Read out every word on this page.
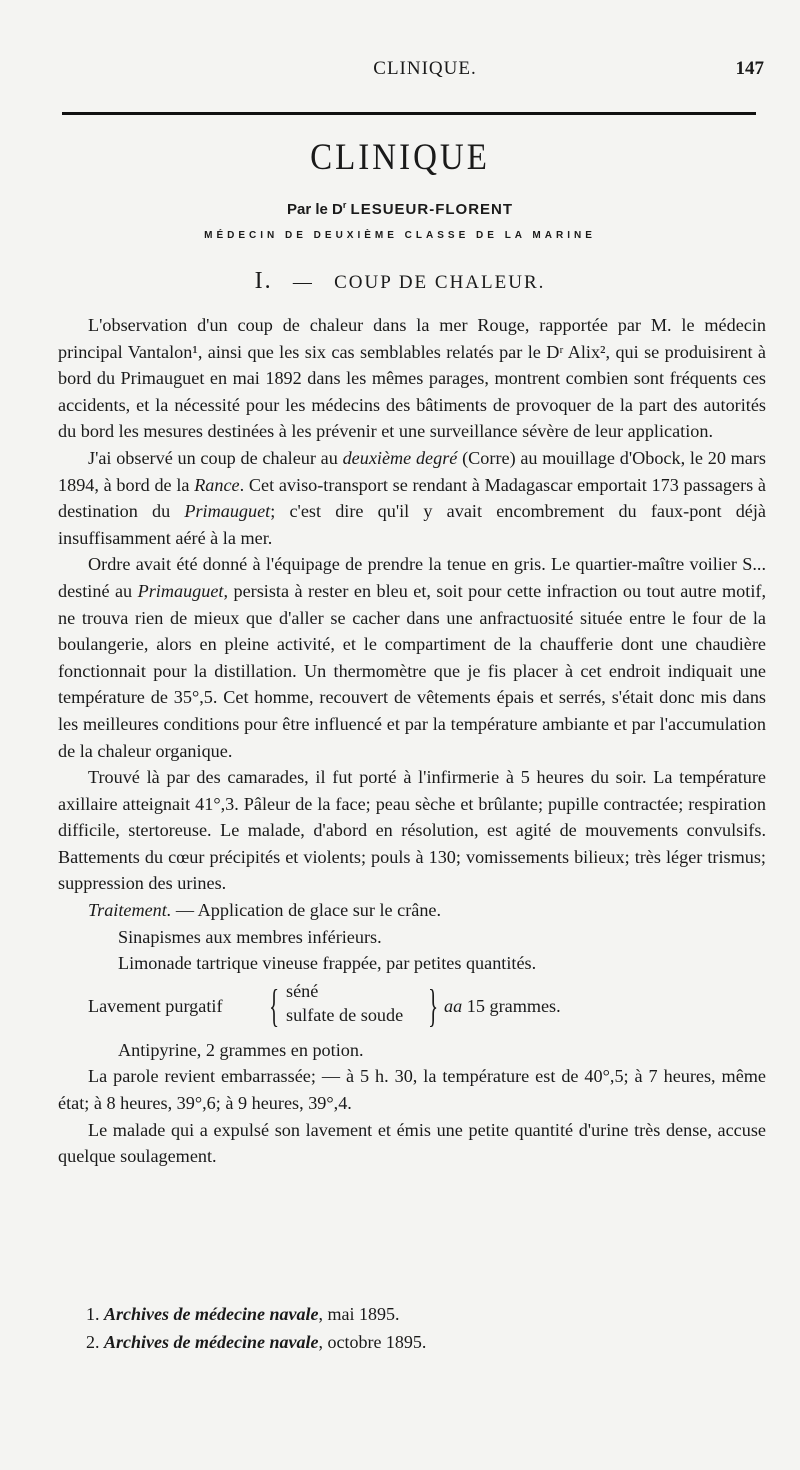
CLINIQUE.	147
CLINIQUE
Par le $D^r$ LESUEUR-FLORENT
MÉDECIN DE DEUXIÈME CLASSE DE LA MARINE
I. — COUP DE CHALEUR.

L'observation d'un coup de chaleur dans la mer Rouge, rapportée par M. le médecin principal Vantalon¹, ainsi que les six cas semblables relatés par le Dʳ Alix², qui se produisirent à bord du Primauguet en mai 1892 dans les mêmes parages, montrent combien sont fréquents ces accidents, et la nécessité pour les médecins des bâtiments de provoquer de la part des autorités du bord les mesures destinées à les prévenir et une surveillance sévère de leur application.

J'ai observé un coup de chaleur au deuxième degré (Corre) au mouillage d'Obock, le 20 mars 1894, à bord de la Rance. Cet aviso-transport se rendant à Madagascar emportait 173 passagers à destination du Primauguet; c'est dire qu'il y avait encombrement du faux-pont déjà insuffisamment aéré à la mer.

Ordre avait été donné à l'équipage de prendre la tenue en gris. Le quartier-maître voilier S... destiné au Primauguet, persista à rester en bleu et, soit pour cette infraction ou tout autre motif, ne trouva rien de mieux que d'aller se cacher dans une anfractuosité située entre le four de la boulangerie, alors en pleine activité, et le compartiment de la chaufferie dont une chaudière fonctionnait pour la distillation. Un thermomètre que je fis placer à cet endroit indiquait une température de 35°,5. Cet homme, recouvert de vêtements épais et serrés, s'était donc mis dans les meilleures conditions pour être influencé et par la température ambiante et par l'accumulation de la chaleur organique.

Trouvé là par des camarades, il fut porté à l'infirmerie à 5 heures du soir. La température axillaire atteignait 41°,3. Pâleur de la face; peau sèche et brûlante; pupille contractée; respiration difficile, stertoreuse. Le malade, d'abord en résolution, est agité de mouvements convulsifs. Battements du cœur précipités et violents; pouls à 130; vomissements bilieux; très léger trismus; suppression des urines.

Traitement. — Application de glace sur le crâne.

Sinapismes aux membres inférieurs.

Limonade tartrique vineuse frappée, par petites quantités.

Lavement purgatif { séné
sulfate de soude } aa 15 grammes.

Antipyrine, 2 grammes en potion.

La parole revient embarrassée; — à 5 h. 30, la température est de 40°,5; à 7 heures, même état; à 8 heures, 39°,6; à 9 heures, 39°,4.

Le malade qui a expulsé son lavement et émis une petite quantité d'urine très dense, accuse quelque soulagement.

1. Archives de médecine navale, mai 1895.

2. Archives de médecine navale, octobre 1895.
